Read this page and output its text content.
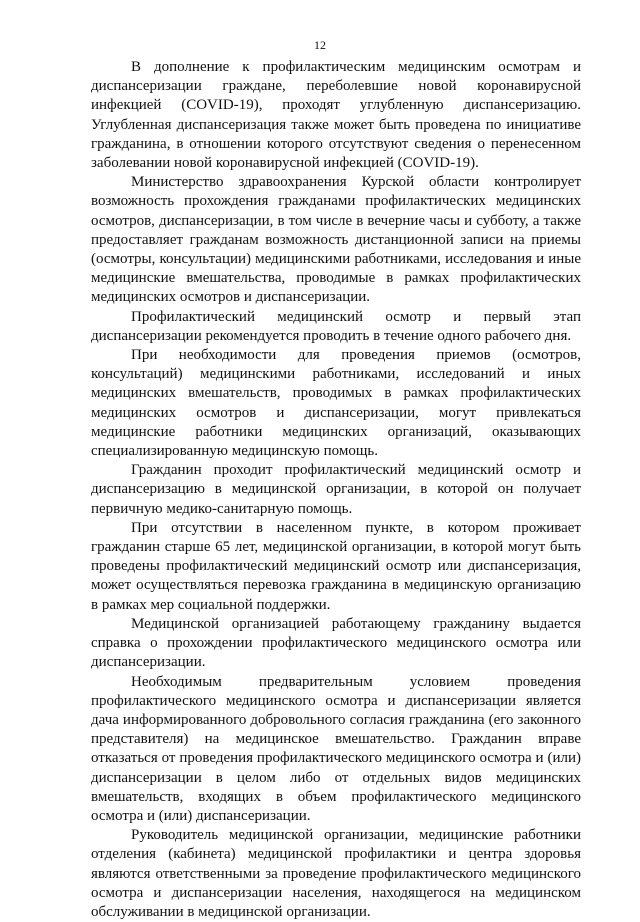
12

В дополнение к профилактическим медицинским осмотрам и диспансеризации граждане, переболевшие новой коронавирусной инфекцией (COVID-19), проходят углубленную диспансеризацию. Углубленная диспансеризация также может быть проведена по инициативе гражданина, в отношении которого отсутствуют сведения о перенесенном заболевании новой коронавирусной инфекцией (COVID-19).

Министерство здравоохранения Курской области контролирует возможность прохождения гражданами профилактических медицинских осмотров, диспансеризации, в том числе в вечерние часы и субботу, а также предоставляет гражданам возможность дистанционной записи на приемы (осмотры, консультации) медицинскими работниками, исследования и иные медицинские вмешательства, проводимые в рамках профилактических медицинских осмотров и диспансеризации.

Профилактический медицинский осмотр и первый этап диспансеризации рекомендуется проводить в течение одного рабочего дня.

При необходимости для проведения приемов (осмотров, консультаций) медицинскими работниками, исследований и иных медицинских вмешательств, проводимых в рамках профилактических медицинских осмотров и диспансеризации, могут привлекаться медицинские работники медицинских организаций, оказывающих специализированную медицинскую помощь.

Гражданин проходит профилактический медицинский осмотр и диспансеризацию в медицинской организации, в которой он получает первичную медико-санитарную помощь.

При отсутствии в населенном пункте, в котором проживает гражданин старше 65 лет, медицинской организации, в которой могут быть проведены профилактический медицинский осмотр или диспансеризация, может осуществляться перевозка гражданина в медицинскую организацию в рамках мер социальной поддержки.

Медицинской организацией работающему гражданину выдается справка о прохождении профилактического медицинского осмотра или диспансеризации.

Необходимым предварительным условием проведения профилактического медицинского осмотра и диспансеризации является дача информированного добровольного согласия гражданина (его законного представителя) на медицинское вмешательство. Гражданин вправе отказаться от проведения профилактического медицинского осмотра и (или) диспансеризации в целом либо от отдельных видов медицинских вмешательств, входящих в объем профилактического медицинского осмотра и (или) диспансеризации.

Руководитель медицинской организации, медицинские работники отделения (кабинета) медицинской профилактики и центра здоровья являются ответственными за проведение профилактического медицинского осмотра и диспансеризации населения, находящегося на медицинском обслуживании в медицинской организации.
